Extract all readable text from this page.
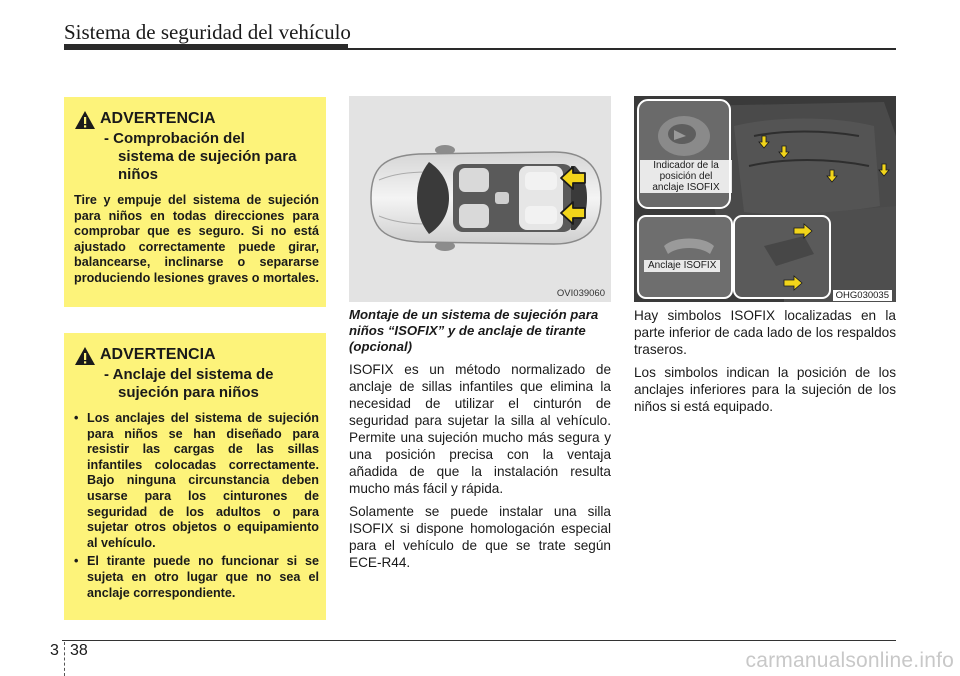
Sistema de seguridad del vehículo
ADVERTENCIA
- Comprobación del
sistema de sujeción para
niños
Tire y empuje del sistema de sujeción para niños en todas direcciones para comprobar que es seguro. Si no está ajustado correctamente puede girar, balancearse, inclinarse o separarse produciendo lesiones graves o mortales.
ADVERTENCIA
- Anclaje del sistema de
sujeción para niños
• Los anclajes del sistema de sujeción para niños se han diseñado para resistir las cargas de las sillas infantiles colocadas correctamente. Bajo ninguna circunstancia deben usarse para los cinturones de seguridad de los adultos o para sujetar otros objetos o equipamiento al vehículo.
• El tirante puede no funcionar si se sujeta en otro lugar que no sea el anclaje correspondiente.
OVI039060
Montaje de un sistema de sujeción para niños “ISOFIX” y de anclaje de tirante (opcional)

ISOFIX es un método normalizado de anclaje de sillas infantiles que elimina la necesidad de utilizar el cinturón de seguridad para sujetar la silla al vehículo. Permite una sujeción mucho más segura y una posición precisa con la ventaja añadida de que la instalación resulta mucho más fácil y rápida.

Solamente se puede instalar una silla ISOFIX si dispone homologación especial para el vehículo de que se trate según ECE-R44.

Indicador de la
posición del
anclaje ISOFIX
Anclaje ISOFIX
OHG030035

Hay simbolos ISOFIX localizadas en la parte inferior de cada lado de los respaldos traseros.

Los simbolos indican la posición de los anclajes inferiores para la sujeción de los niños si está equipado.

3 38	carmanualsonline.info
